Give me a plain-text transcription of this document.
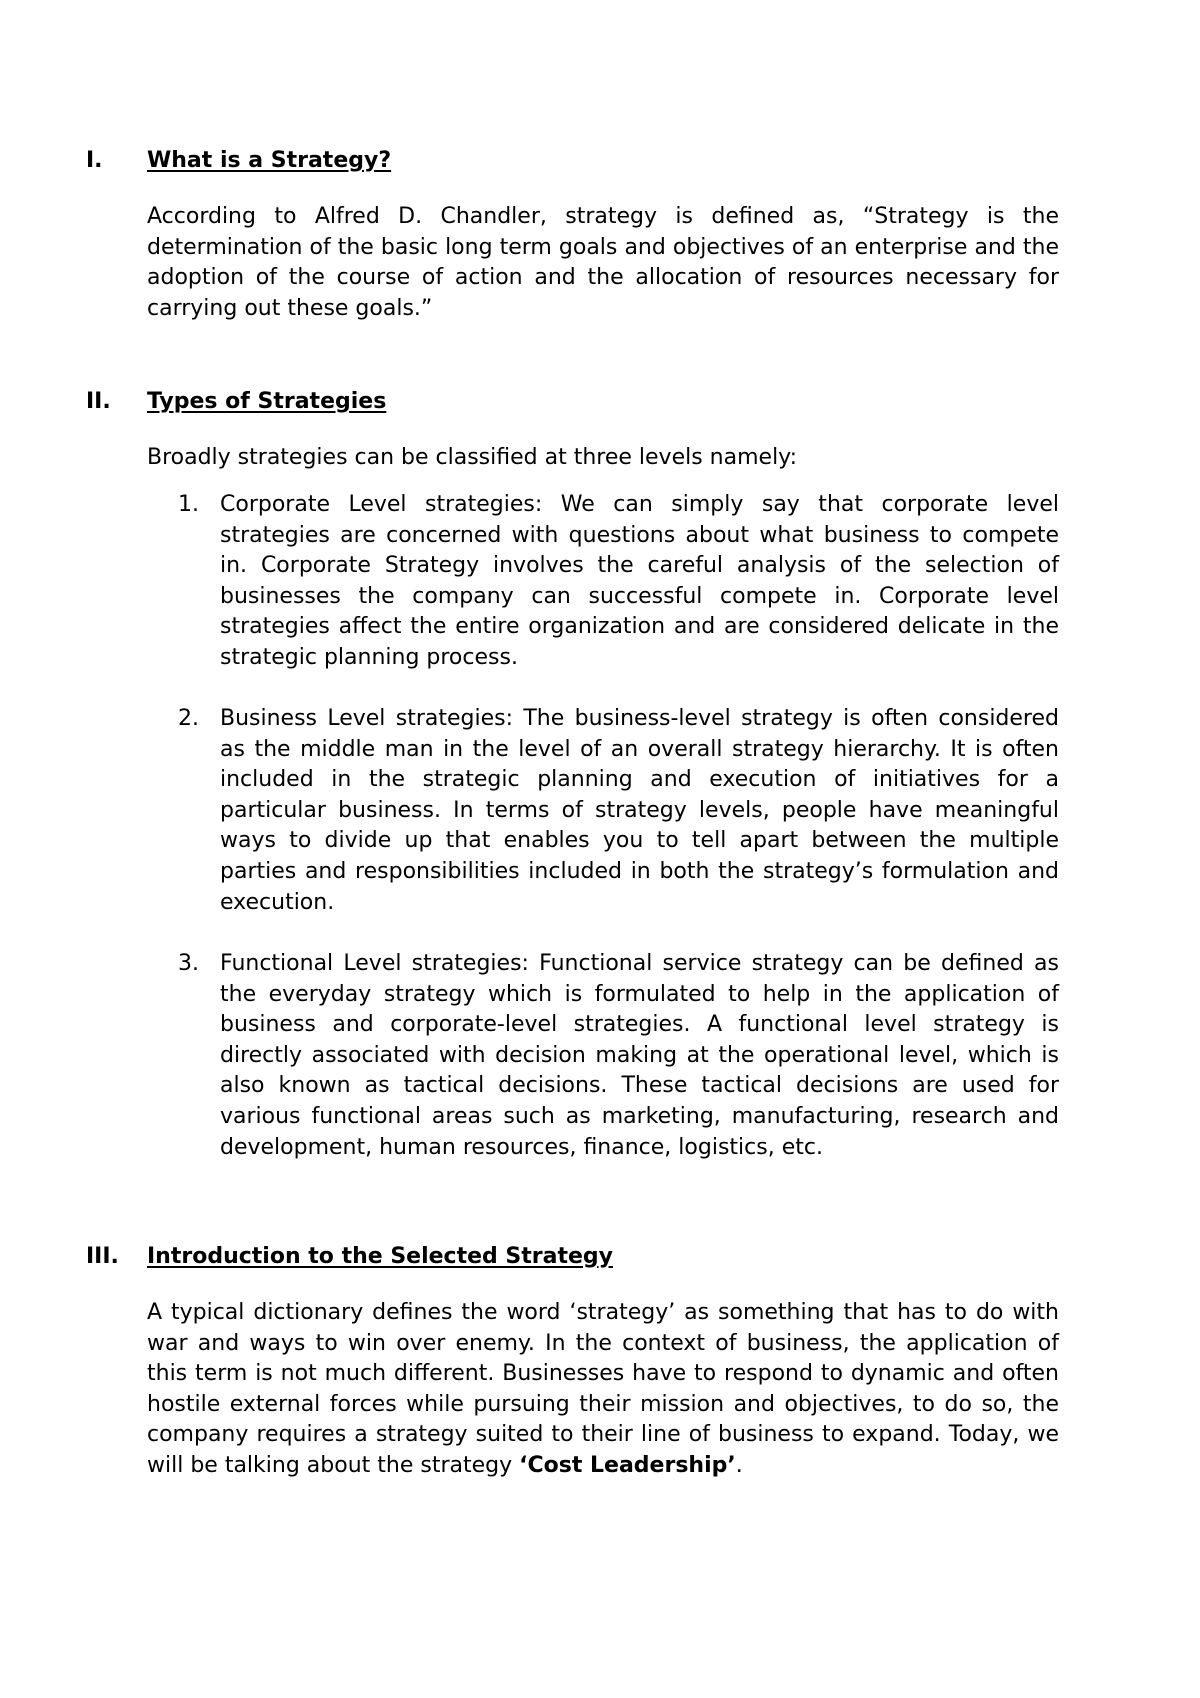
I. What is a Strategy?

According to Alfred D. Chandler, strategy is defined as, “Strategy is the determination of the basic long term goals and objectives of an enterprise and the adoption of the course of action and the allocation of resources necessary for carrying out these goals.”

II. Types of Strategies

Broadly strategies can be classified at three levels namely:

1. Corporate Level strategies: We can simply say that corporate level strategies are concerned with questions about what business to compete in. Corporate Strategy involves the careful analysis of the selection of businesses the company can successful compete in. Corporate level strategies affect the entire organization and are considered delicate in the strategic planning process.

2. Business Level strategies: The business-level strategy is often considered as the middle man in the level of an overall strategy hierarchy. It is often included in the strategic planning and execution of initiatives for a particular business. In terms of strategy levels, people have meaningful ways to divide up that enables you to tell apart between the multiple parties and responsibilities included in both the strategy’s formulation and execution.

3. Functional Level strategies: Functional service strategy can be defined as the everyday strategy which is formulated to help in the application of business and corporate-level strategies. A functional level strategy is directly associated with decision making at the operational level, which is also known as tactical decisions. These tactical decisions are used for various functional areas such as marketing, manufacturing, research and development, human resources, finance, logistics, etc.

III. Introduction to the Selected Strategy

A typical dictionary defines the word ‘strategy’ as something that has to do with war and ways to win over enemy. In the context of business, the application of this term is not much different. Businesses have to respond to dynamic and often hostile external forces while pursuing their mission and objectives, to do so, the company requires a strategy suited to their line of business to expand. Today, we will be talking about the strategy ‘Cost Leadership’.
